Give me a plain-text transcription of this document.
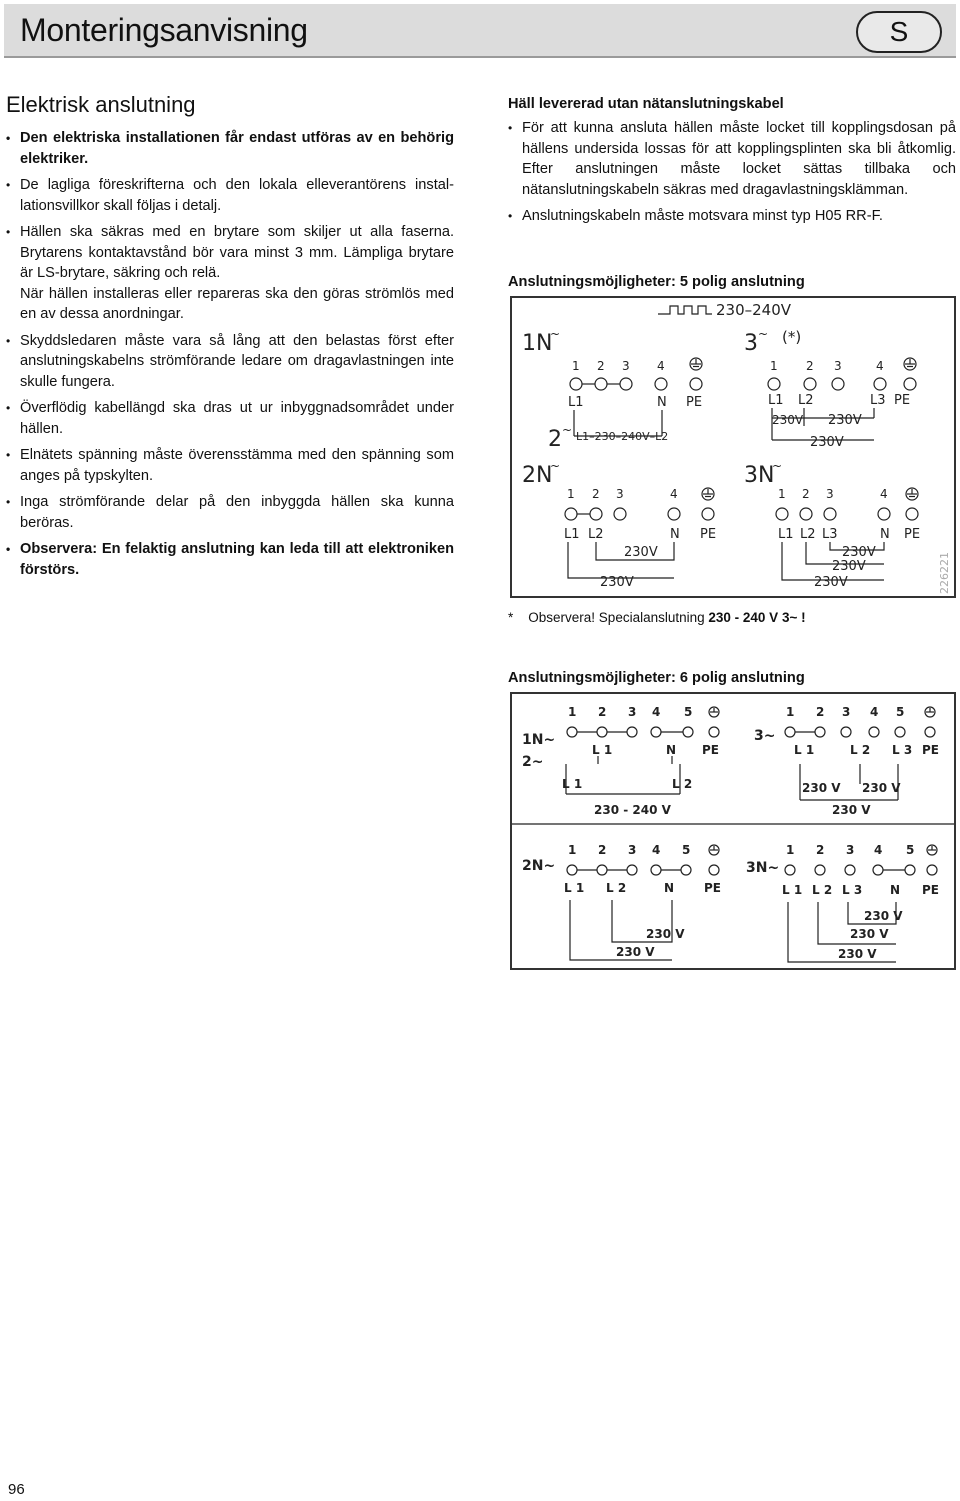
Monteringsanvisning	S
Elektrisk anslutning
• Den elektriska installationen får endast utföras av en behörig elektriker.
• De lagliga föreskrifterna och den lokala elleverantörens installationsvillkor skall följas i detalj.
• Hällen ska säkras med en brytare som skiljer ut alla faserna. Brytarens kontaktavstånd bör vara minst 3 mm. Lämpliga brytare är LS-brytare, säkring och relä.
När hällen installeras eller repareras ska den göras strömlös med en av dessa anordningar.
• Skyddsledaren måste vara så lång att den belastas först efter anslutningskabelns strömförande ledare om dragavlastningen inte skulle fungera.
• Överflödig kabellängd ska dras ut ur inbyggnadsområdet under hällen.
• Elnätets spänning måste överensstämma med den spänning som anges på typskylten.
• Inga strömförande delar på den inbyggda hällen ska kunna beröras.
• Observera: En felaktig anslutning kan leda till att elektroniken förstörs.
Häll levererad utan nätanslutningskabel
• För att kunna ansluta hällen måste locket till kopplingsdosan på hällens undersida lossas för att kopplingsplinten ska bli åtkomlig. Efter anslutningen måste locket sättas tillbaka och nätanslutningskabeln säkras med dragavlastningsklämman.
• Anslutningskabeln måste motsvara minst typ H05 RR-F.
Anslutningsmöjligheter: 5 polig anslutning
230–240V
1N
~
1 2 3 4
L1	N PE
2 ~ L1–230–240V–L2
2N
~
1 2 3	4
L1 L2	N PE
230V
230V
3 ~ (*)
1 2 3	4
L1 L2	L3 PE
230V 230V
230V
3N
~
1 2 3	4
L1 L2 L3	N PE
230V
230V
230V	226221
* Observera! Specialanslutning 230 - 240 V 3~ !
Anslutningsmöjligheter: 6 polig anslutning
1 2 3 4 5
1N~
2~
L 1	N PE
L 1	L 2
230 - 240 V
1 2 3 4 5
3~
L 1	L 2 L 3 PE
230 V 230 V
230 V
1 2 3 4 5
2N~
L 1 L 2	N PE
230 V
230 V
1 2 3 4 5
3N~
L 1 L 2 L 3 N PE
230 V
230 V
230 V
96
